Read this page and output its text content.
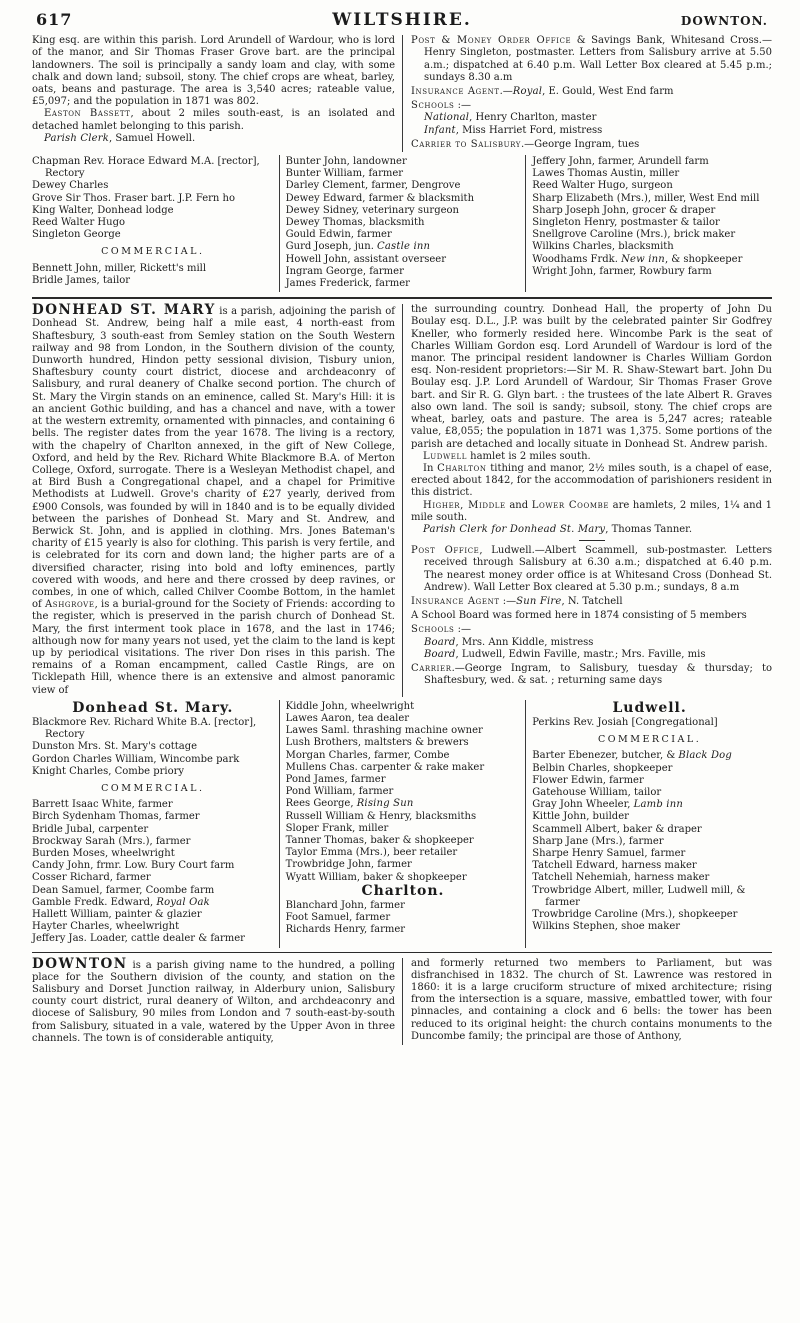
617	WILTSHIRE.	DOWNTON.

King esq. are within this parish. Lord Arundell of Wardour, who is lord of the manor, and Sir Thomas Fraser Grove bart. are the principal landowners. The soil is principally a sandy loam and clay, with some chalk and down land; subsoil, stony. The chief crops are wheat, barley, oats, beans and pasturage. The area is 3,540 acres; rateable value, £5,097; and the population in 1871 was 802.

Easton Bassett, about 2 miles south-east, is an isolated and detached hamlet belonging to this parish.

Parish Clerk, Samuel Howell.

Post & Money Order Office & Savings Bank, Whitesand Cross.—Henry Singleton, postmaster. Letters from Salisbury arrive at 5.50 a.m.; dispatched at 6.40 p.m. Wall Letter Box cleared at 5.45 p.m.; sundays 8.30 a.m

Insurance Agent.—Royal, E. Gould, West End farm

Schools :—

National, Henry Charlton, master
Infant, Miss Harriet Ford, mistress

Carrier to Salisbury.—George Ingram, tues

Chapman Rev. Horace Edward M.A. [rector], Rectory
Dewey Charles
Grove Sir Thos. Fraser bart. J.P. Fern ho
King Walter, Donhead lodge
Reed Walter Hugo
Singleton George

COMMERCIAL.

Bennett John, miller, Rickett's mill
Bridle James, tailor
Bunter John, landowner
Bunter William, farmer
Darley Clement, farmer, Dengrove
Dewey Edward, farmer & blacksmith
Dewey Sidney, veterinary surgeon
Dewey Thomas, blacksmith
Gould Edwin, farmer
Gurd Joseph, jun. Castle inn
Howell John, assistant overseer
Ingram George, farmer
James Frederick, farmer
Jeffery John, farmer, Arundell farm
Lawes Thomas Austin, miller
Reed Walter Hugo, surgeon
Sharp Elizabeth (Mrs.), miller, West End mill
Sharp Joseph John, grocer & draper
Singleton Henry, postmaster & tailor
Snellgrove Caroline (Mrs.), brick maker
Wilkins Charles, blacksmith
Woodhams Frdk. New inn, & shopkeeper
Wright John, farmer, Rowbury farm

DONHEAD ST. MARY is a parish, adjoining the parish of Donhead St. Andrew, being half a mile east, 4 north-east from Shaftesbury, 3 south-east from Semley station on the South Western railway and 98 from London, in the Southern division of the county, Dunworth hundred, Hindon petty sessional division, Tisbury union, Shaftesbury county court district, diocese and archdeaconry of Salisbury, and rural deanery of Chalke second portion. The church of St. Mary the Virgin stands on an eminence, called St. Mary's Hill: it is an ancient Gothic building, and has a chancel and nave, with a tower at the western extremity, ornamented with pinnacles, and containing 6 bells. The register dates from the year 1678. The living is a rectory, with the chapelry of Charlton annexed, in the gift of New College, Oxford, and held by the Rev. Richard White Blackmore B.A. of Merton College, Oxford, surrogate. There is a Wesleyan Methodist chapel, and at Bird Bush a Congregational chapel, and a chapel for Primitive Methodists at Ludwell. Grove's charity of £27 yearly, derived from £900 Consols, was founded by will in 1840 and is to be equally divided between the parishes of Donhead St. Mary and St. Andrew, and Berwick St. John, and is applied in clothing. Mrs. Jones Bateman's charity of £15 yearly is also for clothing. This parish is very fertile, and is celebrated for its corn and down land; the higher parts are of a diversified character, rising into bold and lofty eminences, partly covered with woods, and here and there crossed by deep ravines, or combes, in one of which, called Chilver Coombe Bottom, in the hamlet of Ashgrove, is a burial-ground for the Society of Friends: according to the register, which is preserved in the parish church of Donhead St. Mary, the first interment took place in 1678, and the last in 1746; although now for many years not used, yet the claim to the land is kept up by periodical visitations. The river Don rises in this parish. The remains of a Roman encampment, called Castle Rings, are on Ticklepath Hill, whence there is an extensive and almost panoramic view of

the surrounding country. Donhead Hall, the property of John Du Boulay esq. D.L., J.P. was built by the celebrated painter Sir Godfrey Kneller, who formerly resided here. Wincombe Park is the seat of Charles William Gordon esq. Lord Arundell of Wardour is lord of the manor. The principal resident landowner is Charles William Gordon esq. Non-resident proprietors:—Sir M. R. Shaw-Stewart bart. John Du Boulay esq. J.P. Lord Arundell of Wardour, Sir Thomas Fraser Grove bart. and Sir R. G. Glyn bart. : the trustees of the late Albert R. Graves also own land. The soil is sandy; subsoil, stony. The chief crops are wheat, barley, oats and pasture. The area is 5,247 acres; rateable value, £8,055; the population in 1871 was 1,375. Some portions of the parish are detached and locally situate in Donhead St. Andrew parish.

Ludwell hamlet is 2 miles south.

In Charlton tithing and manor, 2½ miles south, is a chapel of ease, erected about 1842, for the accommodation of parishioners resident in this district.

Higher, Middle and Lower Coombe are hamlets, 2 miles, 1¼ and 1 mile south.

Parish Clerk for Donhead St. Mary, Thomas Tanner.

Post Office, Ludwell.—Albert Scammell, sub-postmaster. Letters received through Salisbury at 6.30 a.m.; dispatched at 6.40 p.m. The nearest money order office is at Whitesand Cross (Donhead St. Andrew). Wall Letter Box cleared at 5.30 p.m.; sundays, 8 a.m

Insurance Agent :—Sun Fire, N. Tatchell

A School Board was formed here in 1874 consisting of 5 members

Schools :—

Board, Mrs. Ann Kiddle, mistress
Board, Ludwell, Edwin Faville, mastr.; Mrs. Faville, mis

Carrier.—George Ingram, to Salisbury, tuesday & thursday; to Shaftesbury, wed. & sat. ; returning same days

Donhead St. Mary.

Blackmore Rev. Richard White B.A. [rector], Rectory
Dunston Mrs. St. Mary's cottage
Gordon Charles William, Wincombe park
Knight Charles, Combe priory

COMMERCIAL.

Barrett Isaac White, farmer
Birch Sydenham Thomas, farmer
Bridle Jubal, carpenter
Brockway Sarah (Mrs.), farmer
Burden Moses, wheelwright
Candy John, frmr. Low. Bury Court farm
Cosser Richard, farmer
Dean Samuel, farmer, Coombe farm
Gamble Fredk. Edward, Royal Oak
Hallett William, painter & glazier
Hayter Charles, wheelwright
Jeffery Jas. Loader, cattle dealer & farmer
Kiddle John, wheelwright
Lawes Aaron, tea dealer
Lawes Saml. thrashing machine owner
Lush Brothers, maltsters & brewers
Morgan Charles, farmer, Combe
Mullens Chas. carpenter & rake maker
Pond James, farmer
Pond William, farmer
Rees George, Rising Sun
Russell William & Henry, blacksmiths
Sloper Frank, miller
Tanner Thomas, baker & shopkeeper
Taylor Emma (Mrs.), beer retailer
Trowbridge John, farmer
Wyatt William, baker & shopkeeper

Charlton.

Blanchard John, farmer
Foot Samuel, farmer
Richards Henry, farmer

Ludwell.

Perkins Rev. Josiah [Congregational]

COMMERCIAL.

Barter Ebenezer, butcher, & Black Dog
Belbin Charles, shopkeeper
Flower Edwin, farmer
Gatehouse William, tailor
Gray John Wheeler, Lamb inn
Kittle John, builder
Scammell Albert, baker & draper
Sharp Jane (Mrs.), farmer
Sharpe Henry Samuel, farmer
Tatchell Edward, harness maker
Tatchell Nehemiah, harness maker
Trowbridge Albert, miller, Ludwell mill, & farmer
Trowbridge Caroline (Mrs.), shopkeeper
Wilkins Stephen, shoe maker

DOWNTON is a parish giving name to the hundred, a polling place for the Southern division of the county, and station on the Salisbury and Dorset Junction railway, in Alderbury union, Salisbury county court district, rural deanery of Wilton, and archdeaconry and diocese of Salisbury, 90 miles from London and 7 south-east-by-south from Salisbury, situated in a vale, watered by the Upper Avon in three channels. The town is of considerable antiquity,

and formerly returned two members to Parliament, but was disfranchised in 1832. The church of St. Lawrence was restored in 1860: it is a large cruciform structure of mixed architecture; rising from the intersection is a square, massive, embattled tower, with four pinnacles, and containing a clock and 6 bells: the tower has been reduced to its original height: the church contains monuments to the Duncombe family; the principal are those of Anthony,
